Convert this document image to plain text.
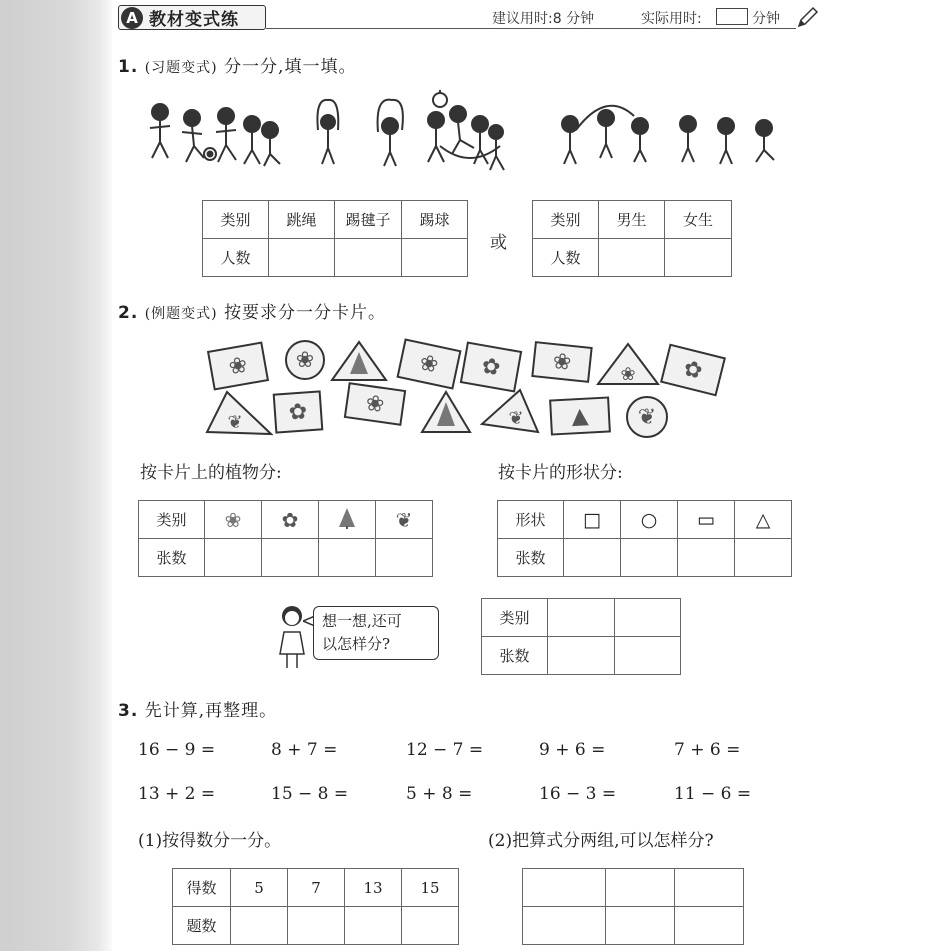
A 教材变式练	建议用时:8 分钟	实际用时:	分钟
1. (习题变式) 分一分,填一填。
类别	跳绳	踢毽子	踢球
人数			
或
类别	男生	女生
人数		
2. (例题变式) 按要求分一分卡片。
❀ ❀	❀ ✿ ❀	❀ ✿
❦ ✿	❀
❦ ▲ ❦
按卡片上的植物分:	按卡片的形状分:
类别	❀	✿		❦
张数				
形状	□	○	▭	△
张数				
想一想,还可
以怎样分?
类别		
张数		
3. 先计算,再整理。
16 − 9 =	8 + 7 =	12 − 7 =	9 + 6 =	7 + 6 =
13 + 2 =	15 − 8 =	5 + 8 =	16 − 3 =	11 − 6 =
(1)按得数分一分。	(2)把算式分两组,可以怎样分?
得数	5	7	13	15
题数				
